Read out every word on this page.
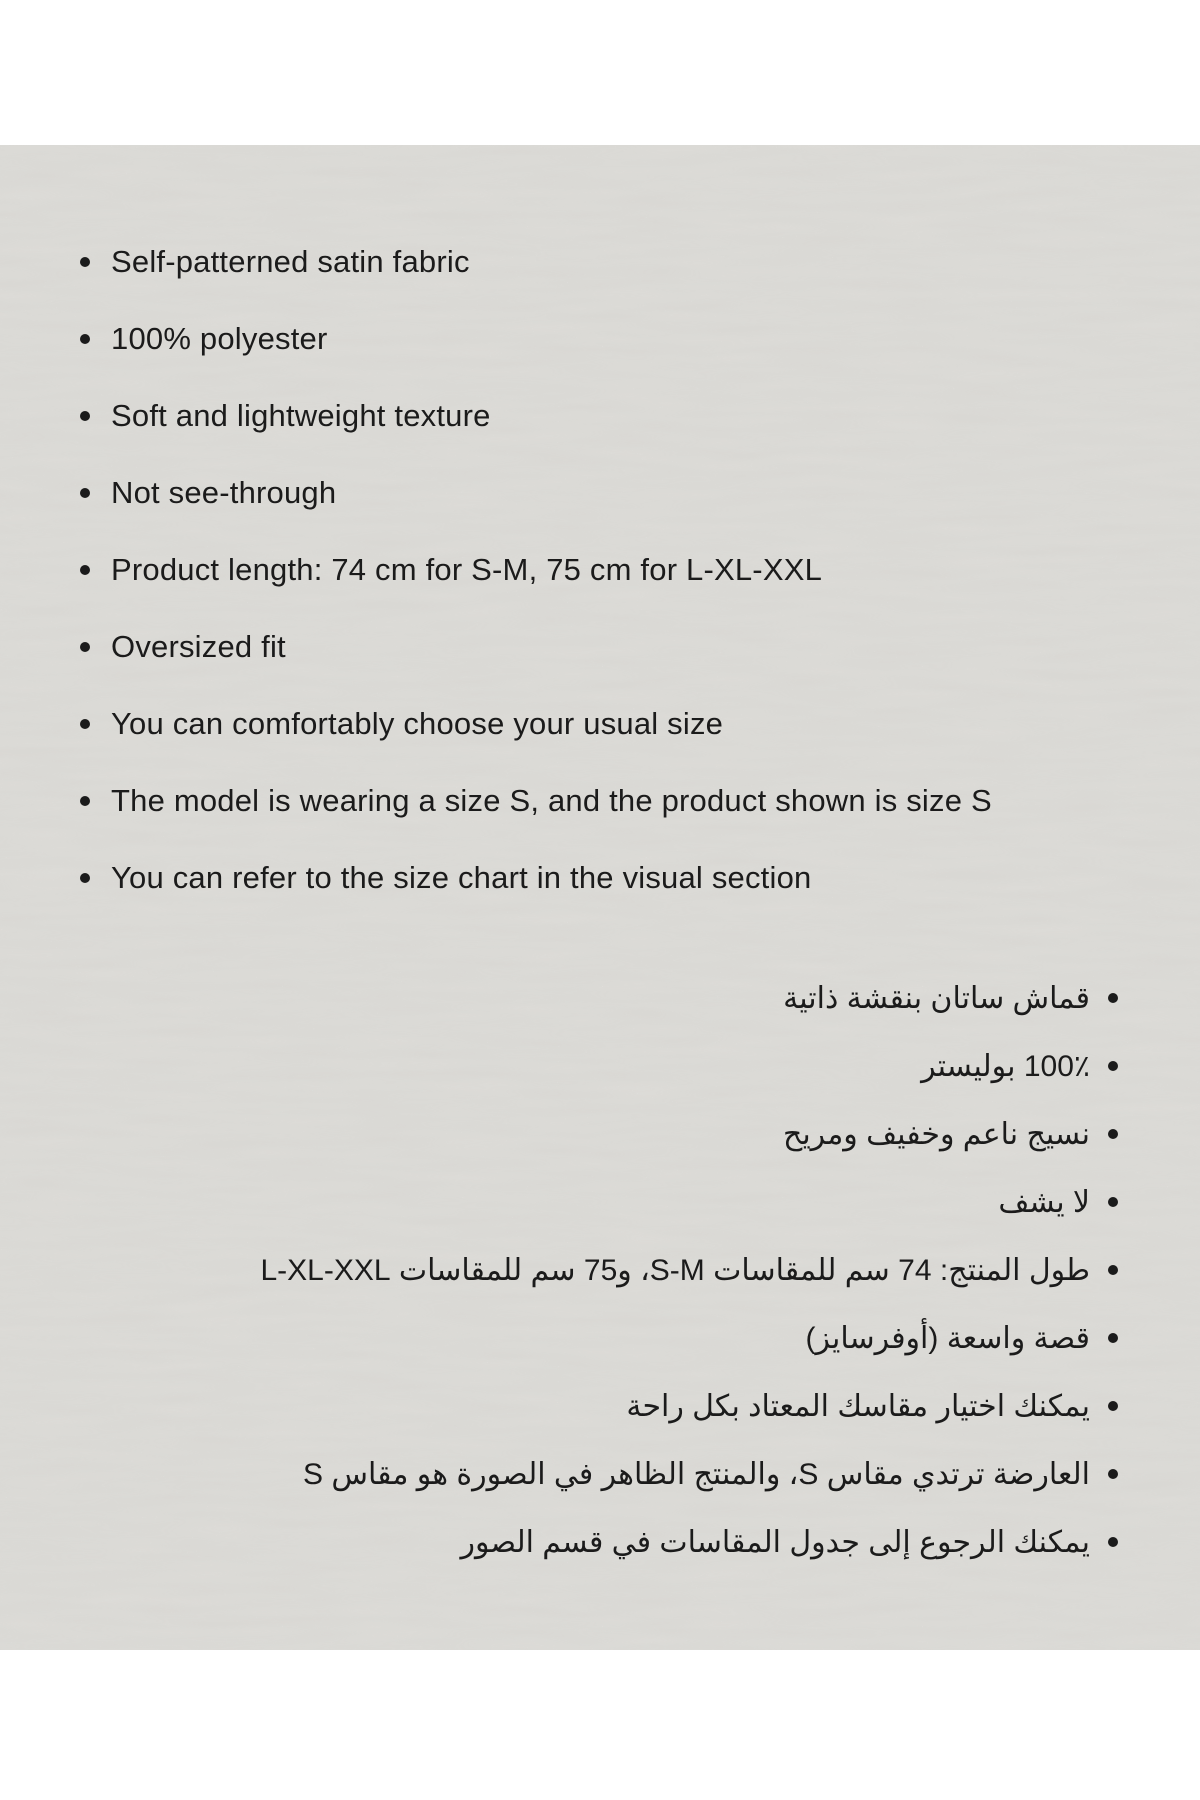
Self-patterned satin fabric
100% polyester
Soft and lightweight texture
Not see-through
Product length: 74 cm for S-M, 75 cm for L-XL-XXL
Oversized fit
You can comfortably choose your usual size
The model is wearing a size S, and the product shown is size S
You can refer to the size chart in the visual section
قماش ساتان بنقشة ذاتية
100٪ بوليستر
نسيج ناعم وخفيف ومريح
لا يشف
طول المنتج: 74 سم للمقاسات S-M، و75 سم للمقاسات L-XL-XXL
قصة واسعة (أوفرسايز)
يمكنك اختيار مقاسك المعتاد بكل راحة
العارضة ترتدي مقاس S، والمنتج الظاهر في الصورة هو مقاس S
يمكنك الرجوع إلى جدول المقاسات في قسم الصور
